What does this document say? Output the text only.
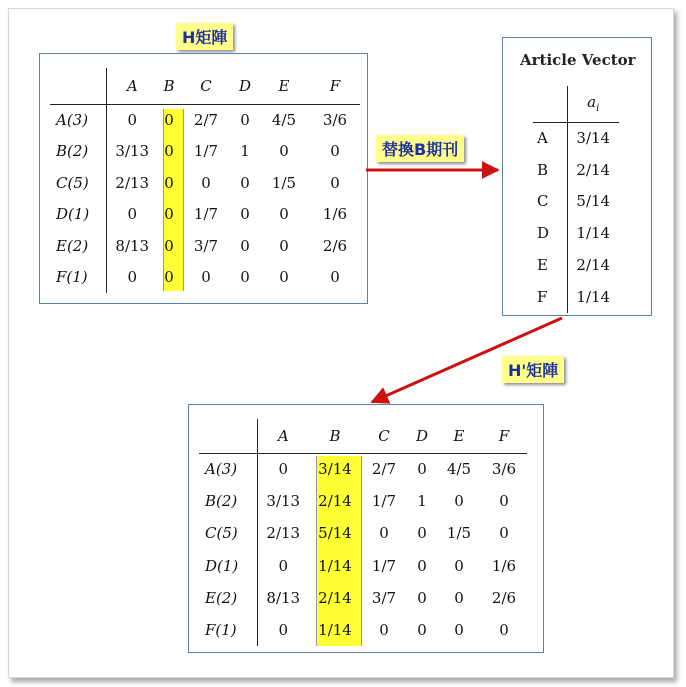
H矩陣
	A	B	C	D	E	F
A(3)	0	0	2/7	0	4/5	3/6
B(2)	3/13	0	1/7	1	0	0
C(5)	2/13	0	0	0	1/5	0
D(1)	0	0	1/7	0	0	1/6
E(2)	8/13	0	3/7	0	0	2/6
F(1)	0	0	0	0	0	0
替換B期刊
Article Vector
	$a_i$
A	3/14
B	2/14
C	5/14
D	1/14
E	2/14
F	1/14
H'矩陣
	A	B	C	D	E	F
A(3)	0	3/14	2/7	0	4/5	3/6
B(2)	3/13	2/14	1/7	1	0	0
C(5)	2/13	5/14	0	0	1/5	0
D(1)	0	1/14	1/7	0	0	1/6
E(2)	8/13	2/14	3/7	0	0	2/6
F(1)	0	1/14	0	0	0	0
